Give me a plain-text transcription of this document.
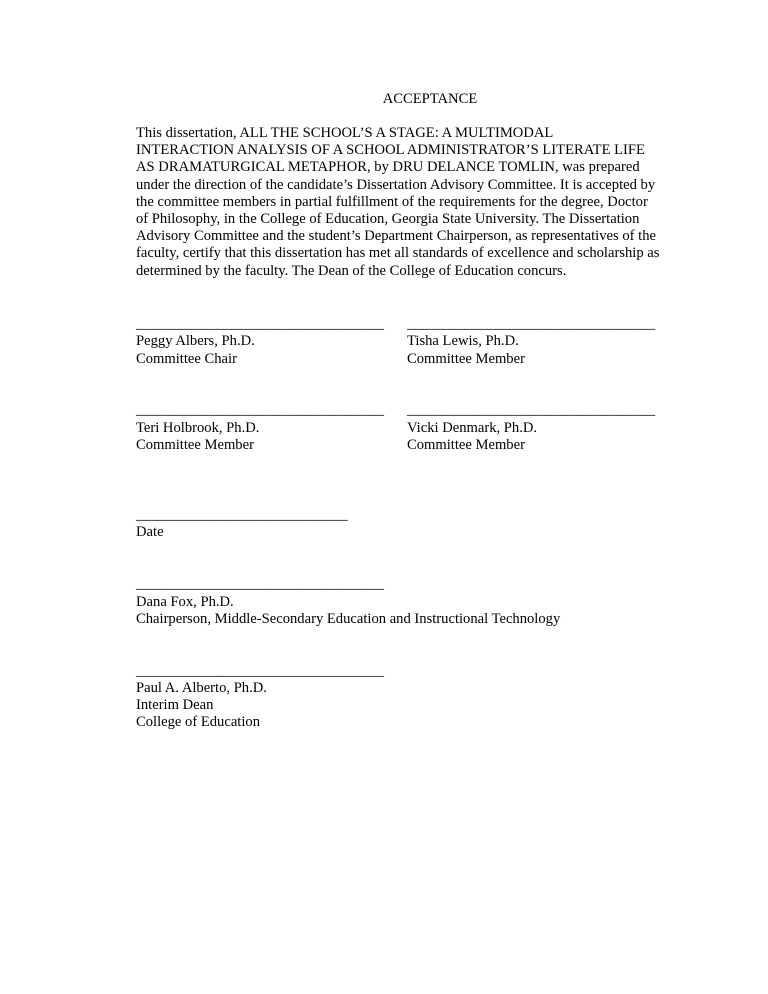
ACCEPTANCE
This dissertation, ALL THE SCHOOL’S A STAGE: A MULTIMODAL
INTERACTION ANALYSIS OF A SCHOOL ADMINISTRATOR’S LITERATE LIFE
AS DRAMATURGICAL METAPHOR, by DRU DELANCE TOMLIN, was prepared
under the direction of the candidate’s Dissertation Advisory Committee. It is accepted by
the committee members in partial fulfillment of the requirements for the degree, Doctor
of Philosophy, in the College of Education, Georgia State University. The Dissertation
Advisory Committee and the student’s Department Chairperson, as representatives of the
faculty, certify that this dissertation has met all standards of excellence and scholarship as
determined by the faculty. The Dean of the College of Education concurs.
__________________________________
Peggy Albers, Ph.D.
Committee Chair
__________________________________
Tisha Lewis, Ph.D.
Committee Member
__________________________________
Teri Holbrook, Ph.D.
Committee Member
__________________________________
Vicki Denmark, Ph.D.
Committee Member
_____________________________
Date
__________________________________
Dana Fox, Ph.D.
Chairperson, Middle-Secondary Education and Instructional Technology
__________________________________
Paul A. Alberto, Ph.D.
Interim Dean
College of Education
